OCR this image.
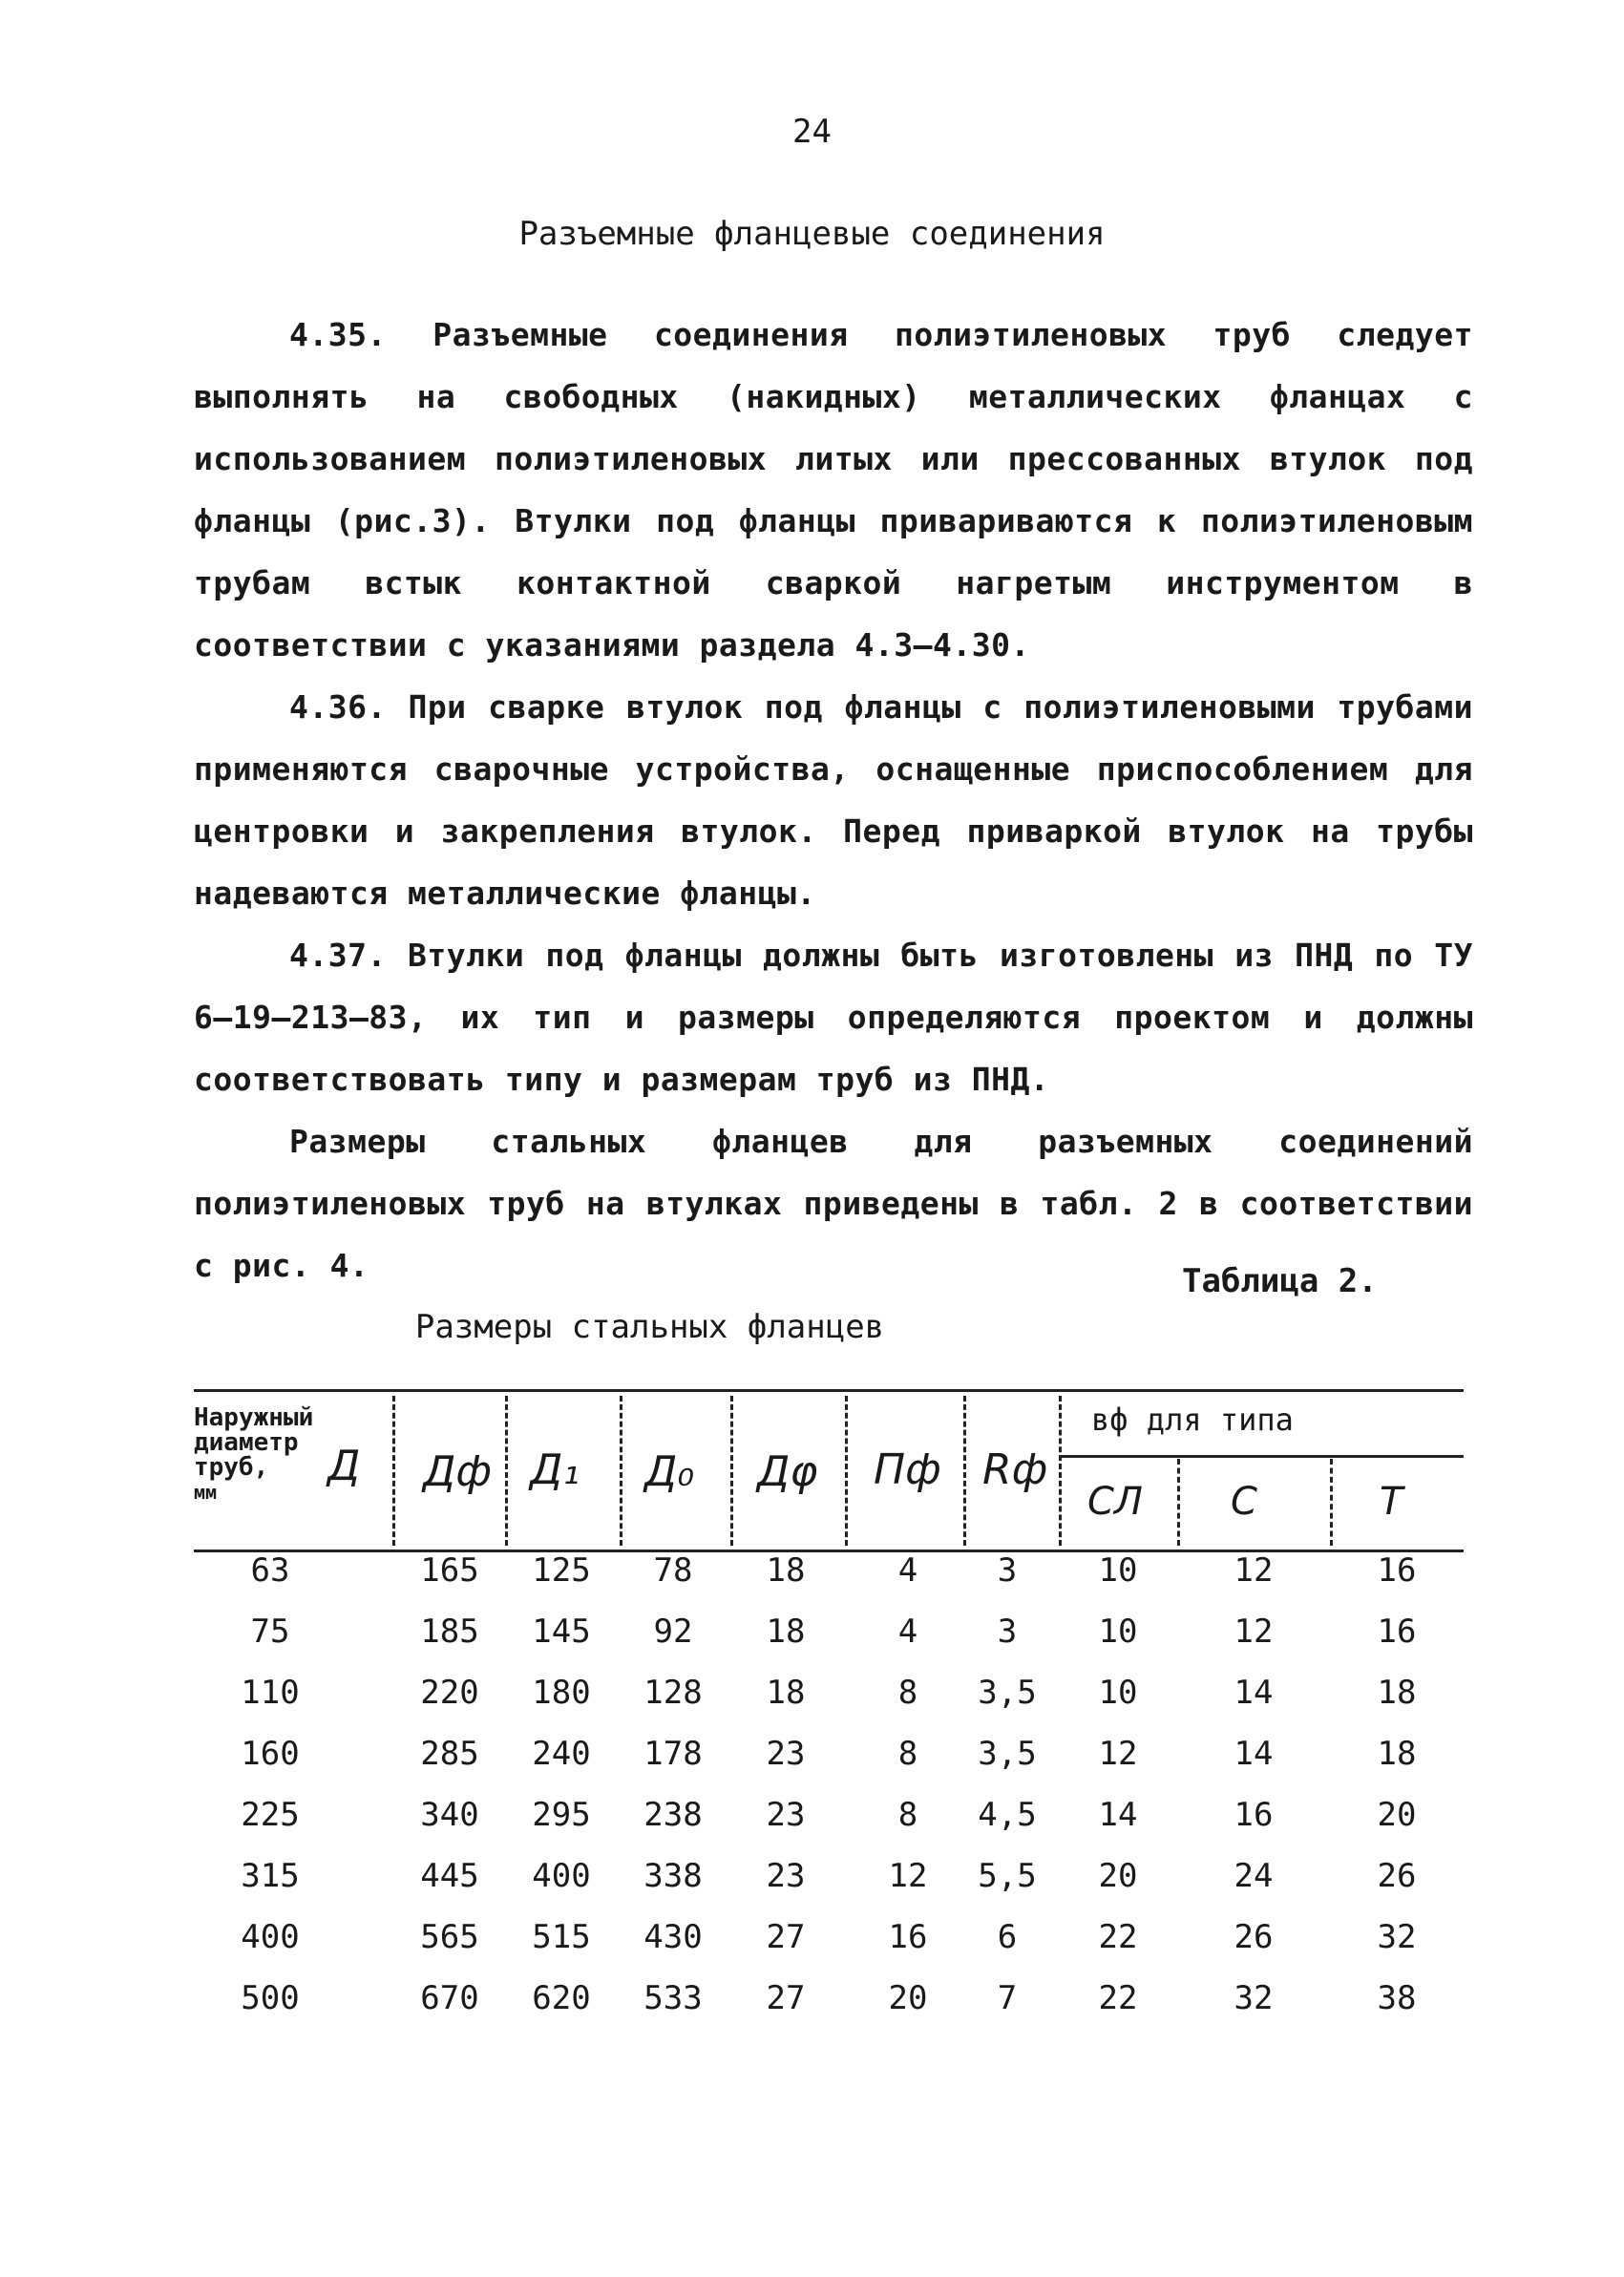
24
Разъемные фланцевые соединения

4.35. Разъемные соединения полиэтиленовых труб следует выполнять на свободных (накидных) металлических фланцах с использованием полиэтиленовых литых или прессованных втулок под фланцы (рис.3). Втулки под фланцы привариваются к полиэтиленовым трубам встык контактной сваркой нагретым инструментом в соответствии с указаниями раздела 4.3–4.30.

4.36. При сварке втулок под фланцы с полиэтиленовыми трубами применяются сварочные устройства, оснащенные приспособлением для центровки и закрепления втулок. Перед приваркой втулок на трубы надеваются металлические фланцы.

4.37. Втулки под фланцы должны быть изготовлены из ПНД по ТУ 6–19–213–83, их тип и размеры определяются проектом и должны соответствовать типу и размерам труб из ПНД.

Размеры стальных фланцев для разъемных соединений полиэтиленовых труб на втулках приведены в табл. 2 в соответствии с рис. 4.	Таблица 2.
Размеры стальных фланцев
Наружный
диаметр
труб,
мм
Д Дф Д₁ Д₀ Дφ Пф Rф
вф для типа
СЛ С	Т
63	165	125	78	18	4	3	10	12	16
75	185	145	92	18	4	3	10	12	16
110	220	180	128	18	8	3,5	10	14	18
160	285	240	178	23	8	3,5	12	14	18
225	340	295	238	23	8	4,5	14	16	20
315	445	400	338	23	12	5,5	20	24	26
400	565	515	430	27	16	6	22	26	32
500	670	620	533	27	20	7	22	32	38
